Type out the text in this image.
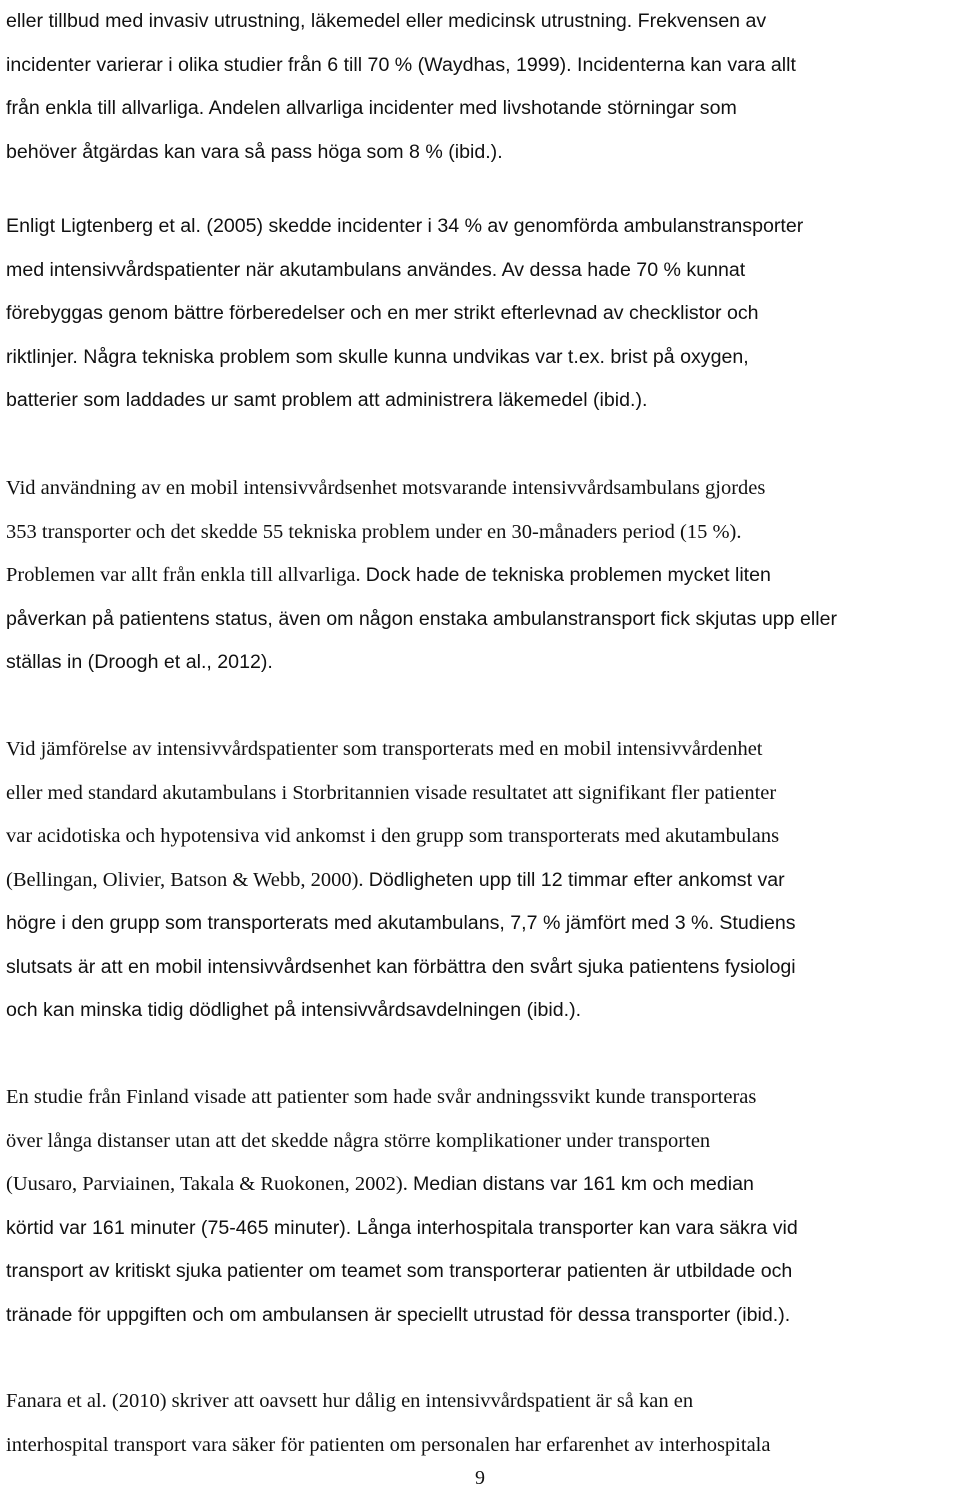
eller tillbud med invasiv utrustning, läkemedel eller medicinsk utrustning. Frekvensen av
incidenter varierar i olika studier från 6 till 70 % (Waydhas, 1999). Incidenterna kan vara allt
från enkla till allvarliga. Andelen allvarliga incidenter med livshotande störningar som
behöver åtgärdas kan vara så pass höga som 8 % (ibid.).

Enligt Ligtenberg et al. (2005) skedde incidenter i 34 % av genomförda ambulanstransporter
med intensivvårdspatienter när akutambulans användes. Av dessa hade 70 % kunnat
förebyggas genom bättre förberedelser och en mer strikt efterlevnad av checklistor och
riktlinjer. Några tekniska problem som skulle kunna undvikas var t.ex. brist på oxygen,
batterier som laddades ur samt problem att administrera läkemedel (ibid.).

Vid användning av en mobil intensivvårdsenhet motsvarande intensivvårdsambulans gjordes
353 transporter och det skedde 55 tekniska problem under en 30-månaders period (15 %).
Problemen var allt från enkla till allvarliga. Dock hade de tekniska problemen mycket liten
påverkan på patientens status, även om någon enstaka ambulanstransport fick skjutas upp eller
ställas in (Droogh et al., 2012).

Vid jämförelse av intensivvårdspatienter som transporterats med en mobil intensivvårdenhet
eller med standard akutambulans i Storbritannien visade resultatet att signifikant fler patienter
var acidotiska och hypotensiva vid ankomst i den grupp som transporterats med akutambulans
(Bellingan, Olivier, Batson & Webb, 2000). Dödligheten upp till 12 timmar efter ankomst var
högre i den grupp som transporterats med akutambulans, 7,7 % jämfört med 3 %. Studiens
slutsats är att en mobil intensivvårdsenhet kan förbättra den svårt sjuka patientens fysiologi
och kan minska tidig dödlighet på intensivvårdsavdelningen (ibid.).

En studie från Finland visade att patienter som hade svår andningssvikt kunde transporteras
över långa distanser utan att det skedde några större komplikationer under transporten
(Uusaro, Parviainen, Takala & Ruokonen, 2002). Median distans var 161 km och median
körtid var 161 minuter (75-465 minuter). Långa interhospitala transporter kan vara säkra vid
transport av kritiskt sjuka patienter om teamet som transporterar patienten är utbildade och
tränade för uppgiften och om ambulansen är speciellt utrustad för dessa transporter (ibid.).

Fanara et al. (2010) skriver att oavsett hur dålig en intensivvårdspatient är så kan en
interhospital transport vara säker för patienten om personalen har erfarenhet av interhospitala

9
